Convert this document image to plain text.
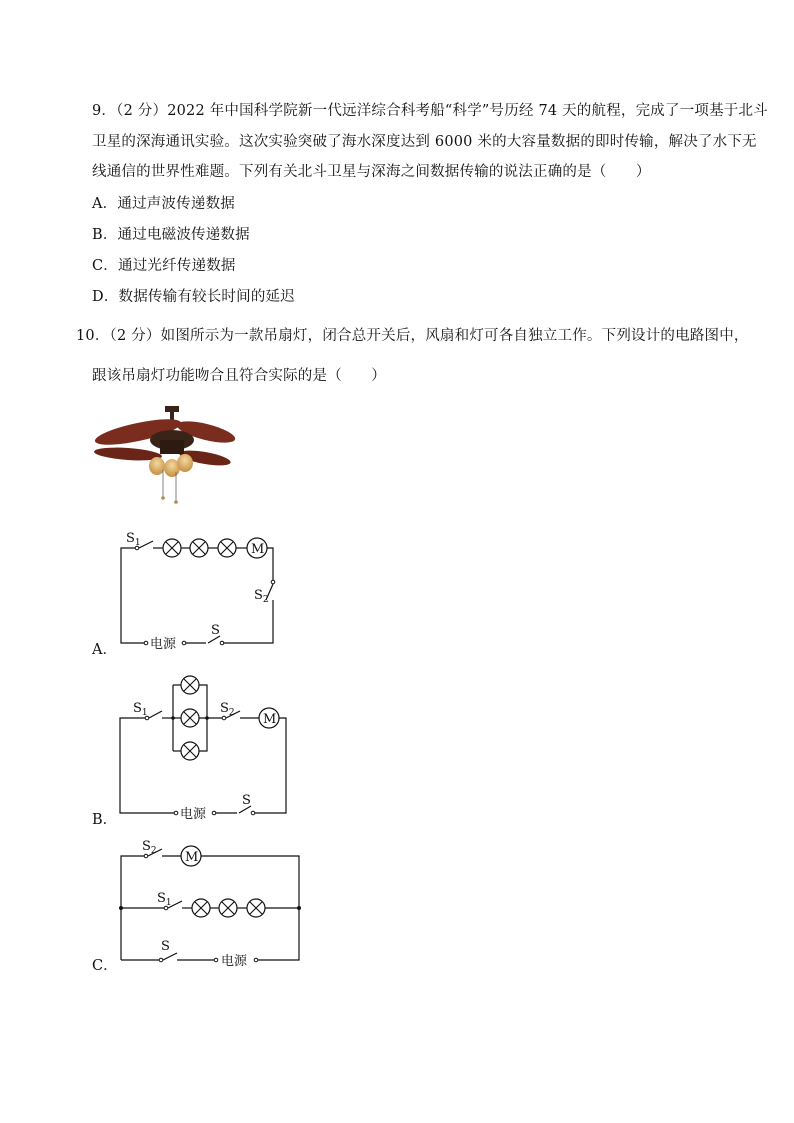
9．（2 分）2022 年中国科学院新一代远洋综合科考船“科学”号历经 74 天的航程，完成了一项基于北斗
卫星的深海通讯实验。这次实验突破了海水深度达到 6000 米的大容量数据的即时传输，解决了水下无
线通信的世界性难题。下列有关北斗卫星与深海之间数据传输的说法正确的是（　　）
A．通过声波传递数据
B．通过电磁波传递数据
C．通过光纤传递数据
D．数据传输有较长时间的延迟
10．（2 分）如图所示为一款吊扇灯，闭合总开关后，风扇和灯可各自独立工作。下列设计的电路图中，
跟该吊扇灯功能吻合且符合实际的是（　　）
A．
B．
C．
$S_1$
$S_2$
M
S
电源
$S_1$	$S_2$ M
S
电源
$S_2$ M
$S_1$
S
电源
